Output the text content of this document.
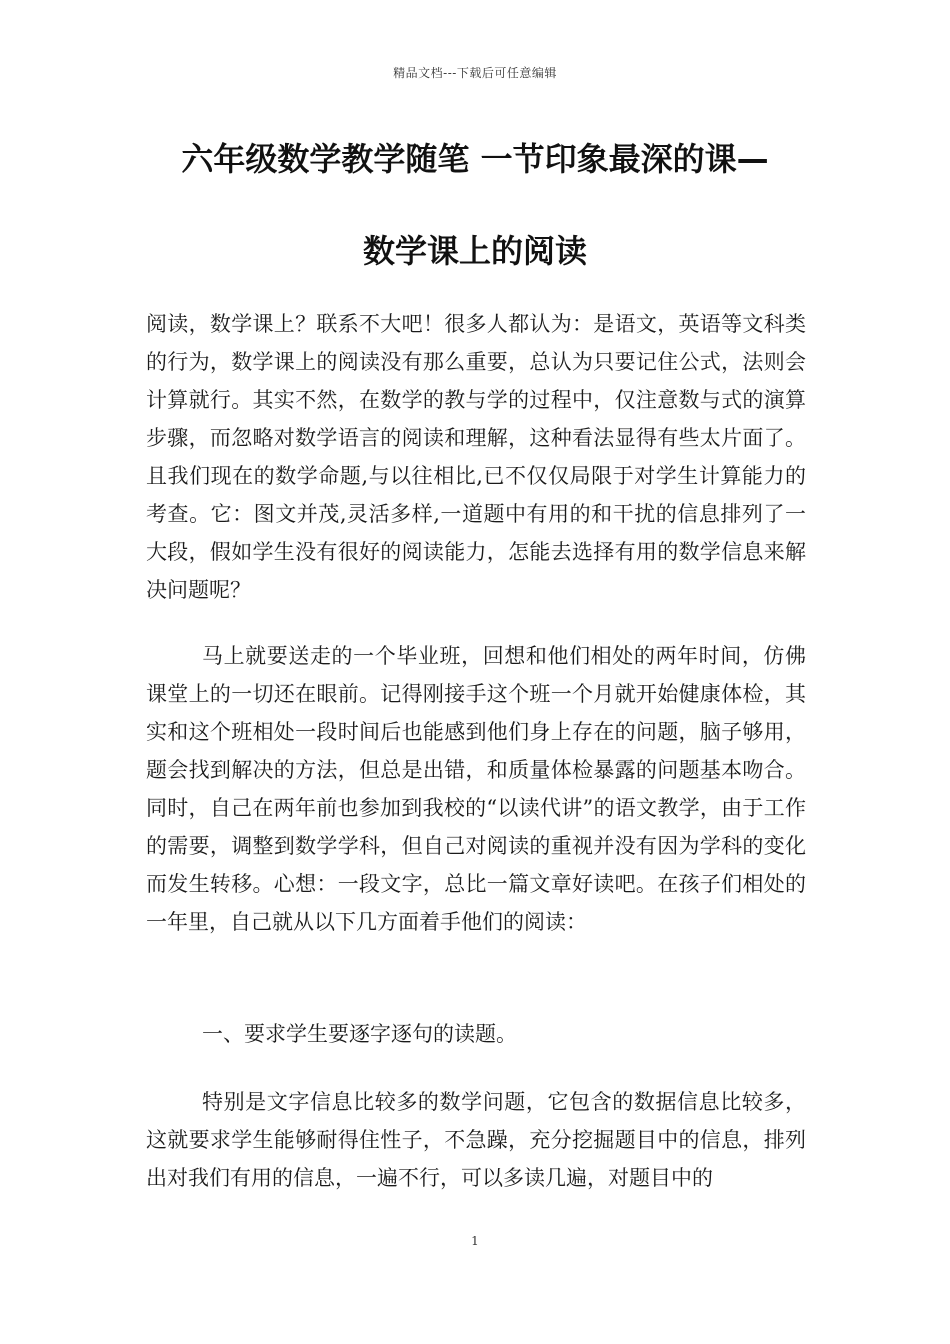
精品文档---下载后可任意编辑
六年级数学教学随笔 一节印象最深的课—
数学课上的阅读
阅读，数学课上？联系不大吧！很多人都认为：是语文，英语等文科类的行为，数学课上的阅读没有那么重要，总认为只要记住公式，法则会计算就行。其实不然，在数学的教与学的过程中，仅注意数与式的演算步骤，而忽略对数学语言的阅读和理解，这种看法显得有些太片面了。且我们现在的数学命题,与以往相比,已不仅仅局限于对学生计算能力的考查。它：图文并茂,灵活多样,一道题中有用的和干扰的信息排列了一大段，假如学生没有很好的阅读能力，怎能去选择有用的数学信息来解决问题呢？
马上就要送走的一个毕业班，回想和他们相处的两年时间，仿佛课堂上的一切还在眼前。记得刚接手这个班一个月就开始健康体检，其实和这个班相处一段时间后也能感到他们身上存在的问题，脑子够用，题会找到解决的方法，但总是出错，和质量体检暴露的问题基本吻合。同时，自己在两年前也参加到我校的“以读代讲”的语文教学，由于工作的需要，调整到数学学科，但自己对阅读的重视并没有因为学科的变化而发生转移。心想：一段文字，总比一篇文章好读吧。在孩子们相处的一年里，自己就从以下几方面着手他们的阅读：
一、要求学生要逐字逐句的读题。
特别是文字信息比较多的数学问题，它包含的数据信息比较多，这就要求学生能够耐得住性子，不急躁，充分挖掘题目中的信息，排列出对我们有用的信息，一遍不行，可以多读几遍，对题目中的
1
